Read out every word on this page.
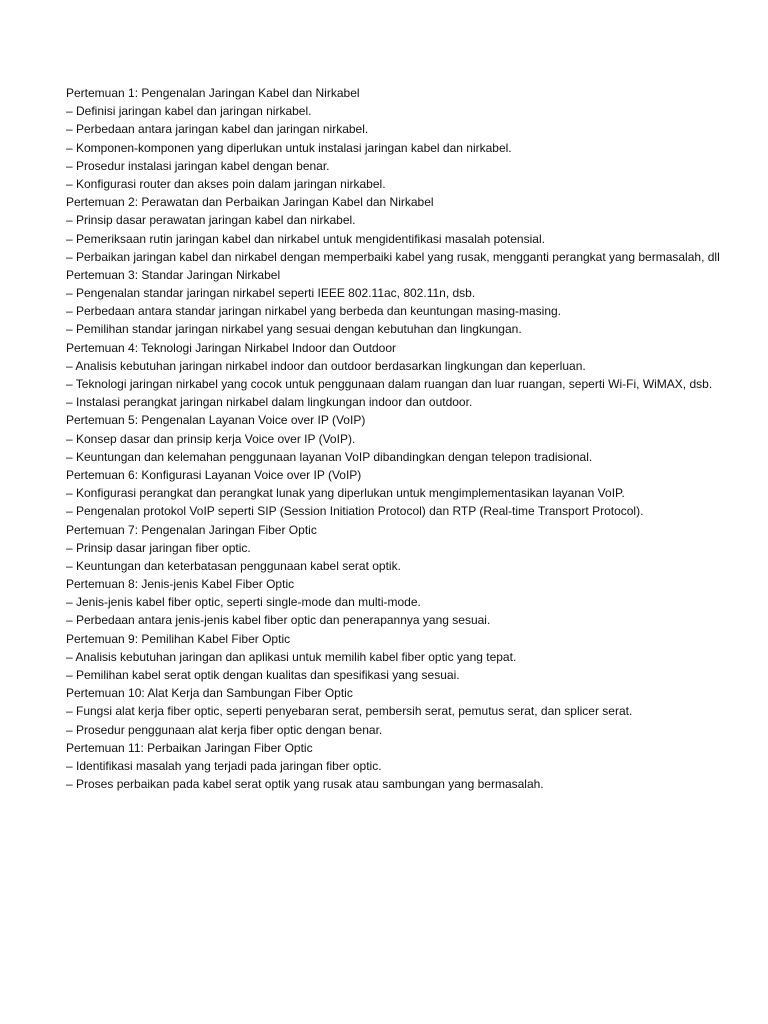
Pertemuan 1: Pengenalan Jaringan Kabel dan Nirkabel
– Definisi jaringan kabel dan jaringan nirkabel.
– Perbedaan antara jaringan kabel dan jaringan nirkabel.
– Komponen-komponen yang diperlukan untuk instalasi jaringan kabel dan nirkabel.
– Prosedur instalasi jaringan kabel dengan benar.
– Konfigurasi router dan akses poin dalam jaringan nirkabel.
Pertemuan 2: Perawatan dan Perbaikan Jaringan Kabel dan Nirkabel
– Prinsip dasar perawatan jaringan kabel dan nirkabel.
– Pemeriksaan rutin jaringan kabel dan nirkabel untuk mengidentifikasi masalah potensial.
– Perbaikan jaringan kabel dan nirkabel dengan memperbaiki kabel yang rusak, mengganti perangkat yang bermasalah, dll
Pertemuan 3: Standar Jaringan Nirkabel
– Pengenalan standar jaringan nirkabel seperti IEEE 802.11ac, 802.11n, dsb.
– Perbedaan antara standar jaringan nirkabel yang berbeda dan keuntungan masing-masing.
– Pemilihan standar jaringan nirkabel yang sesuai dengan kebutuhan dan lingkungan.
Pertemuan 4: Teknologi Jaringan Nirkabel Indoor dan Outdoor
– Analisis kebutuhan jaringan nirkabel indoor dan outdoor berdasarkan lingkungan dan keperluan.
– Teknologi jaringan nirkabel yang cocok untuk penggunaan dalam ruangan dan luar ruangan, seperti Wi-Fi, WiMAX, dsb.
– Instalasi perangkat jaringan nirkabel dalam lingkungan indoor dan outdoor.
Pertemuan 5: Pengenalan Layanan Voice over IP (VoIP)
– Konsep dasar dan prinsip kerja Voice over IP (VoIP).
– Keuntungan dan kelemahan penggunaan layanan VoIP dibandingkan dengan telepon tradisional.
Pertemuan 6: Konfigurasi Layanan Voice over IP (VoIP)
– Konfigurasi perangkat dan perangkat lunak yang diperlukan untuk mengimplementasikan layanan VoIP.
– Pengenalan protokol VoIP seperti SIP (Session Initiation Protocol) dan RTP (Real-time Transport Protocol).
Pertemuan 7: Pengenalan Jaringan Fiber Optic
– Prinsip dasar jaringan fiber optic.
– Keuntungan dan keterbatasan penggunaan kabel serat optik.
Pertemuan 8: Jenis-jenis Kabel Fiber Optic
– Jenis-jenis kabel fiber optic, seperti single-mode dan multi-mode.
– Perbedaan antara jenis-jenis kabel fiber optic dan penerapannya yang sesuai.
Pertemuan 9: Pemilihan Kabel Fiber Optic
– Analisis kebutuhan jaringan dan aplikasi untuk memilih kabel fiber optic yang tepat.
– Pemilihan kabel serat optik dengan kualitas dan spesifikasi yang sesuai.
Pertemuan 10: Alat Kerja dan Sambungan Fiber Optic
– Fungsi alat kerja fiber optic, seperti penyebaran serat, pembersih serat, pemutus serat, dan splicer serat.
– Prosedur penggunaan alat kerja fiber optic dengan benar.
Pertemuan 11: Perbaikan Jaringan Fiber Optic
– Identifikasi masalah yang terjadi pada jaringan fiber optic.
– Proses perbaikan pada kabel serat optik yang rusak atau sambungan yang bermasalah.
